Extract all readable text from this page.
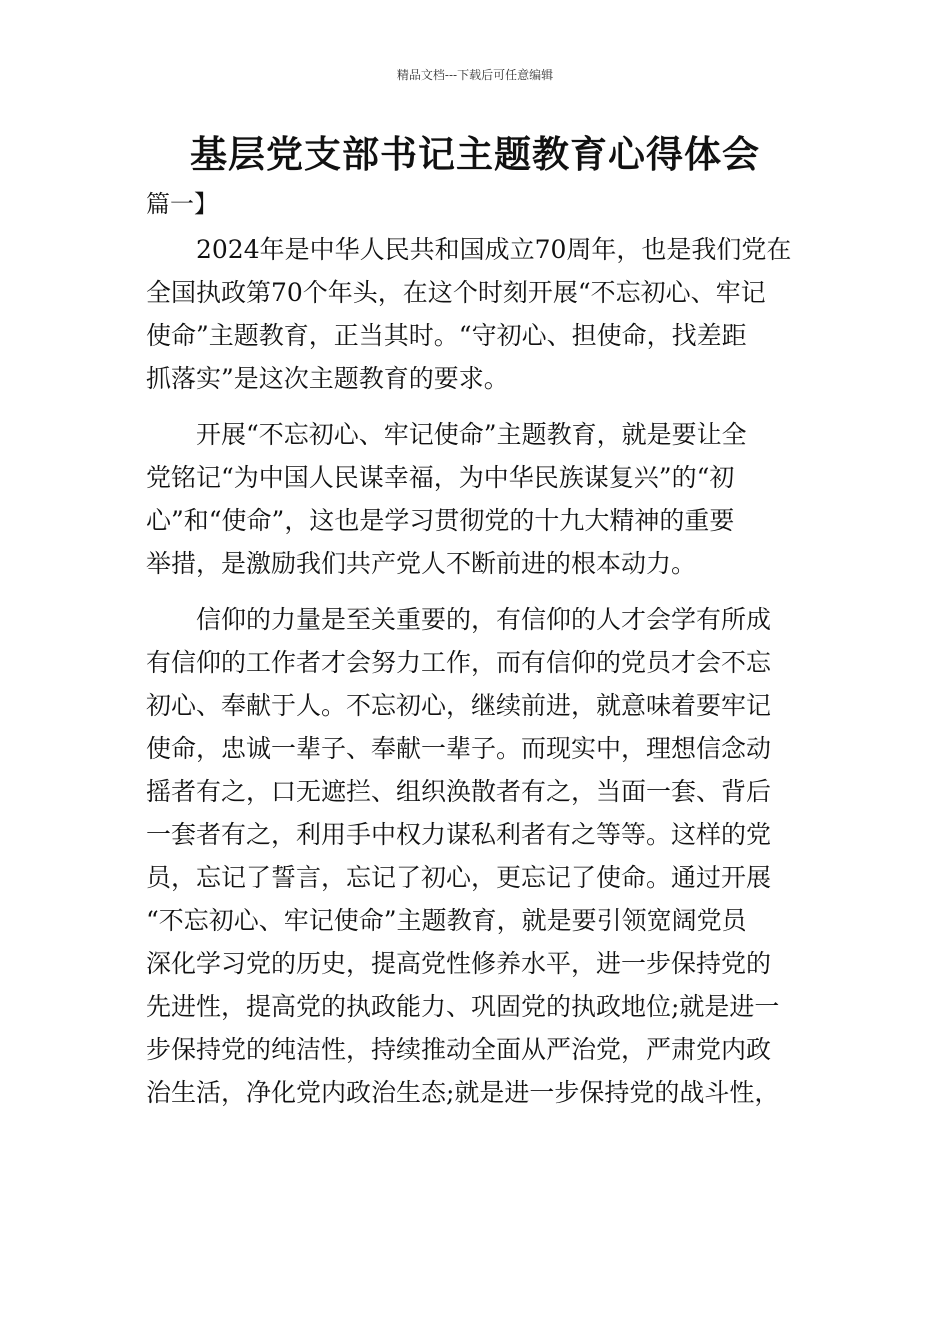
精品文档---下载后可任意编辑
基层党支部书记主题教育心得体会
篇一】

　　2024年是中华人民共和国成立70周年，也是我们党在

全国执政第70个年头，在这个时刻开展“不忘初心、牢记

使命”主题教育，正当其时。“守初心、担使命，找差距

抓落实”是这次主题教育的要求。

　　开展“不忘初心、牢记使命”主题教育，就是要让全

党铭记“为中国人民谋幸福，为中华民族谋复兴”的“初

心”和“使命”，这也是学习贯彻党的十九大精神的重要

举措，是激励我们共产党人不断前进的根本动力。

　　信仰的力量是至关重要的，有信仰的人才会学有所成

有信仰的工作者才会努力工作，而有信仰的党员才会不忘

初心、奉献于人。不忘初心，继续前进，就意味着要牢记

使命，忠诚一辈子、奉献一辈子。而现实中，理想信念动

摇者有之，口无遮拦、组织涣散者有之，当面一套、背后

一套者有之，利用手中权力谋私利者有之等等。这样的党

员，忘记了誓言，忘记了初心，更忘记了使命。通过开展

“不忘初心、牢记使命”主题教育，就是要引领宽阔党员

深化学习党的历史，提高党性修养水平，进一步保持党的

先进性，提高党的执政能力、巩固党的执政地位;就是进一

步保持党的纯洁性，持续推动全面从严治党，严肃党内政

治生活，净化党内政治生态;就是进一步保持党的战斗性，
